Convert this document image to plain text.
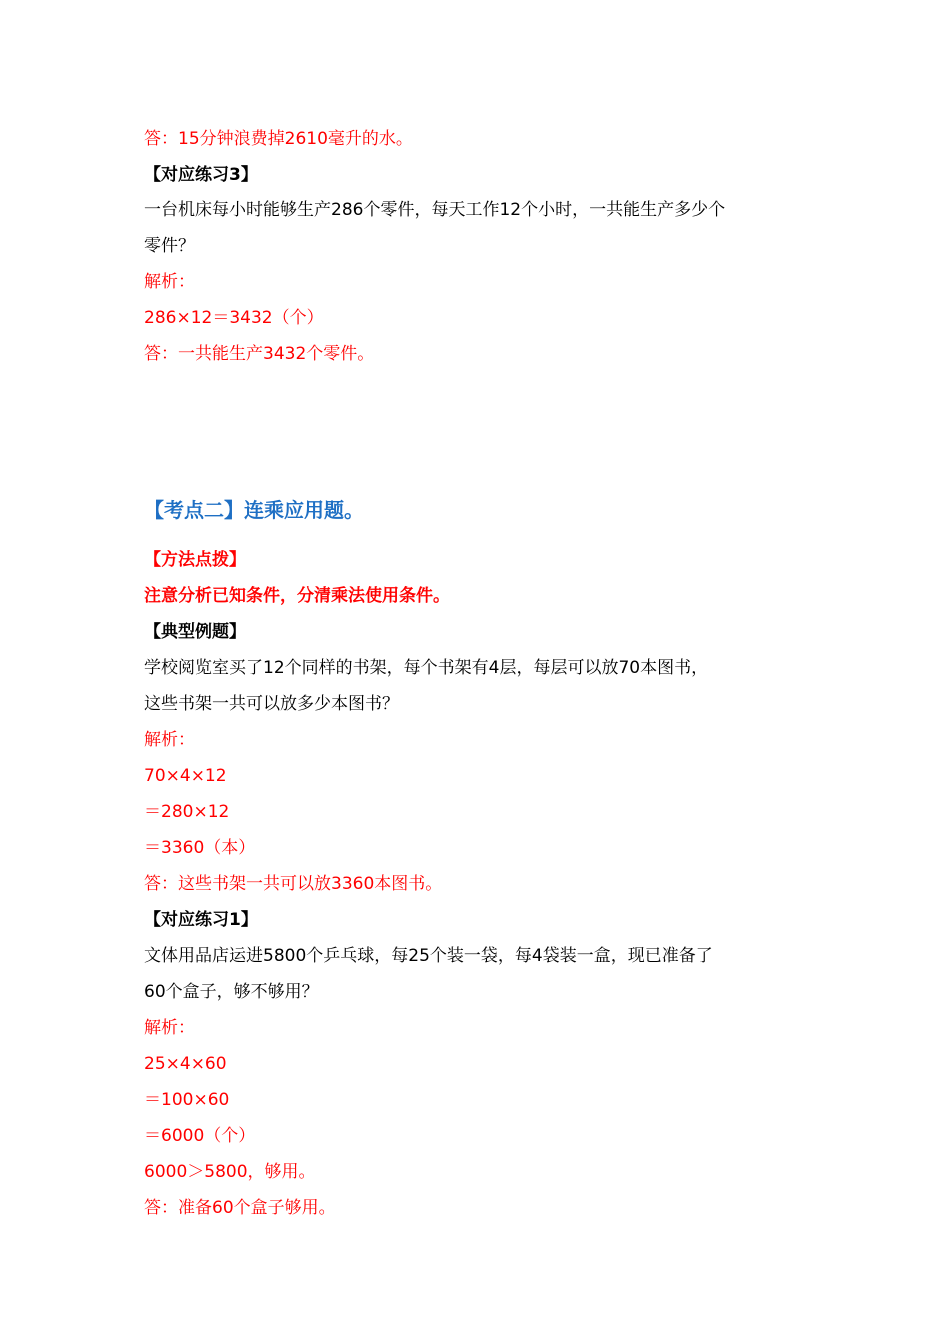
答：15分钟浪费掉2610毫升的水。
【对应练习3】
一台机床每小时能够生产286个零件，每天工作12个小时，一共能生产多少个
零件？
解析：
286×12＝3432（个）
答：一共能生产3432个零件。
【考点二】连乘应用题。
【方法点拨】
注意分析已知条件，分清乘法使用条件。
【典型例题】
学校阅览室买了12个同样的书架，每个书架有4层，每层可以放70本图书，
这些书架一共可以放多少本图书？
解析：
70×4×12
＝280×12
＝3360（本）
答：这些书架一共可以放3360本图书。
【对应练习1】
文体用品店运进5800个乒乓球，每25个装一袋，每4袋装一盒，现已准备了
60个盒子，够不够用？
解析：
25×4×60
＝100×60
＝6000（个）
6000＞5800，够用。
答：准备60个盒子够用。
